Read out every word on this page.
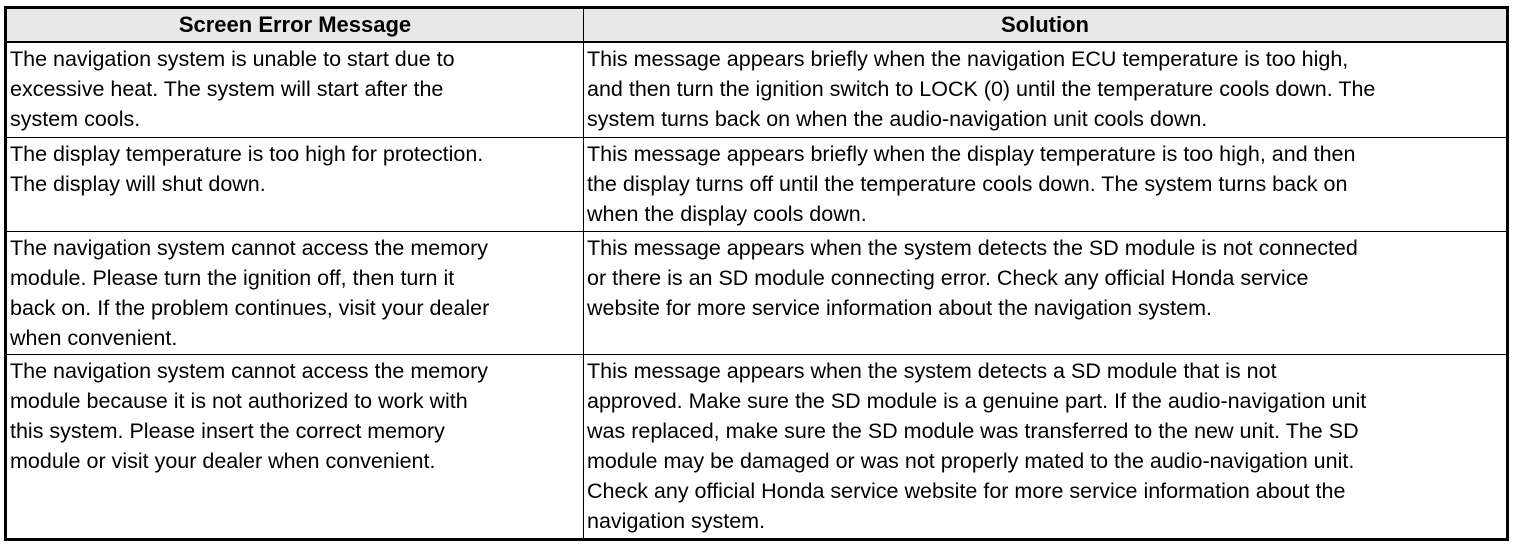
Screen Error Message	Solution
The navigation system is unable to start due to
excessive heat. The system will start after the
system cools.
This message appears briefly when the navigation ECU temperature is too high,
and then turn the ignition switch to LOCK (0) until the temperature cools down. The
system turns back on when the audio-navigation unit cools down.
The display temperature is too high for protection.
The display will shut down.
This message appears briefly when the display temperature is too high, and then
the display turns off until the temperature cools down. The system turns back on
when the display cools down.
The navigation system cannot access the memory
module. Please turn the ignition off, then turn it
back on. If the problem continues, visit your dealer
when convenient.
This message appears when the system detects the SD module is not connected
or there is an SD module connecting error. Check any official Honda service
website for more service information about the navigation system.
The navigation system cannot access the memory
module because it is not authorized to work with
this system. Please insert the correct memory
module or visit your dealer when convenient.
This message appears when the system detects a SD module that is not
approved. Make sure the SD module is a genuine part. If the audio-navigation unit
was replaced, make sure the SD module was transferred to the new unit. The SD
module may be damaged or was not properly mated to the audio-navigation unit.
Check any official Honda service website for more service information about the
navigation system.
